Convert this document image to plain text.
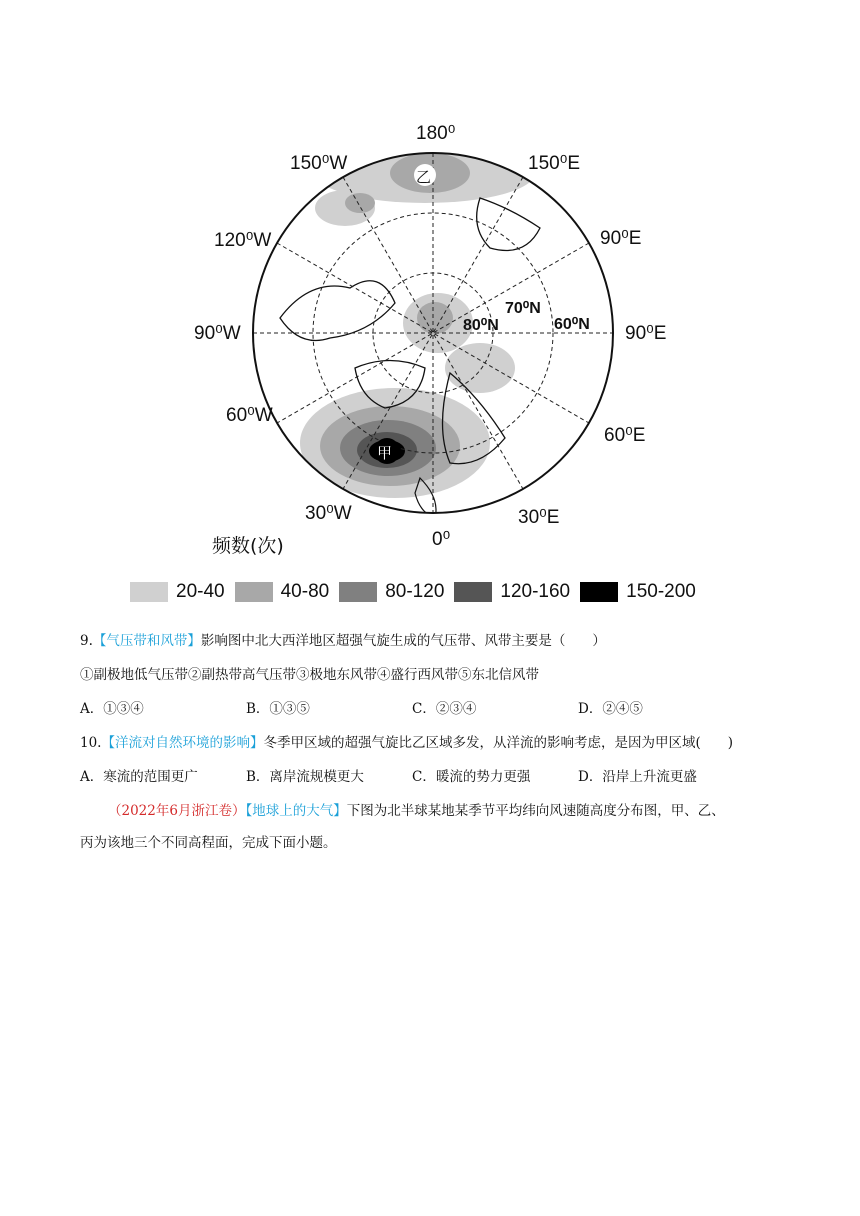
180⁰
150⁰W	150⁰E
120⁰W	90⁰E
90⁰W	90⁰E
60⁰W
60⁰E
30⁰W	30⁰E
0⁰
70⁰N
80⁰N	60⁰N
甲
乙
频数(次)
20-40	40-80	80-120	120-160	150-200
9.【气压带和风带】影响图中北大西洋地区超强气旋生成的气压带、风带主要是（　　）
①副极地低气压带②副热带高气压带③极地东风带④盛行西风带⑤东北信风带
A．①③④	B．①③⑤	C．②③④	D．②④⑤
10.【洋流对自然环境的影响】冬季甲区域的超强气旋比乙区域多发，从洋流的影响考虑，是因为甲区域(　　)
A．寒流的范围更广	B．离岸流规模更大	C．暖流的势力更强	D．沿岸上升流更盛
（2022年6月浙江卷）【地球上的大气】下图为北半球某地某季节平均纬向风速随高度分布图，甲、乙、
丙为该地三个不同高程面，完成下面小题。
